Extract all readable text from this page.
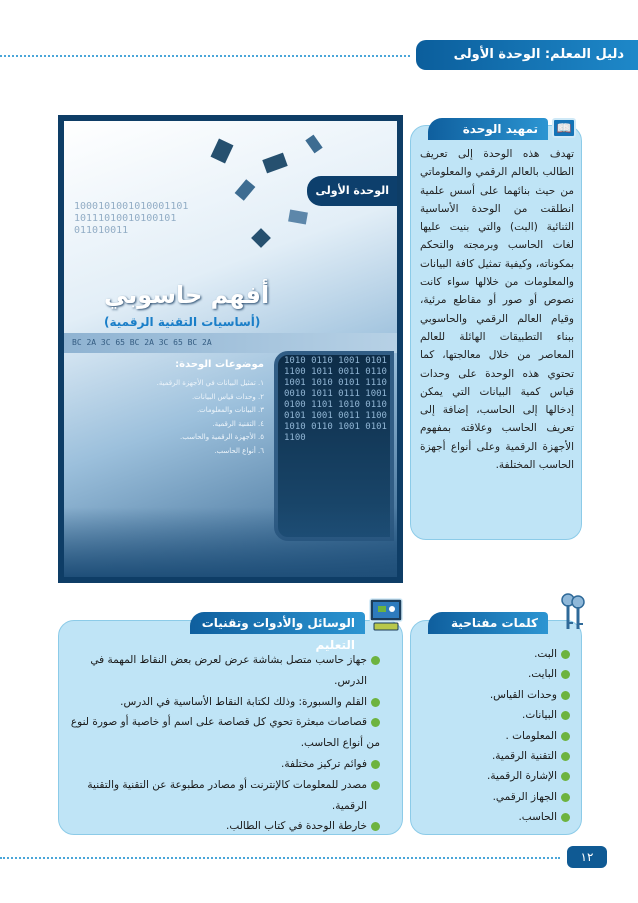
دليل المعلم: الوحدة الأولى
تمهيد الوحدة	📖

تهدف هذه الوحدة إلى تعريف الطالب بالعالم الرقمي والمعلوماتي من حيث بنائهما على أسس علمية انطلقت من الوحدة الأساسية الثنائية (البت) والتي بنيت عليها لغات الحاسب وبرمجته والتحكم بمكوناته، وكيفية تمثيل كافة البيانات والمعلومات من خلالها سواء كانت نصوص أو صور أو مقاطع مرئية، وقيام العالم الرقمي والحاسوبي ببناء التطبيقات الهائلة للعالم المعاصر من خلال معالجتها، كما تحتوي هذه الوحدة على وحدات قياس كمية البيانات التي يمكن إدخالها إلى الحاسب، إضافة إلى تعريف الحاسب وعلاقته بمفهوم الأجهزة الرقمية وعلى أنواع أجهزة الحاسب المختلفة.

الوحدة الأولى
1000101001010001101
10111010010100101
011010011
أفهم حاسوبي
(أساسيات التقنية الرقمية)
BC 2A 3C 65 BC 2A 3C 65 BC 2A
1010 0110 1001 0101 1100 1011 0011 0110 1001 1010 0101 1110 0010 1011 0111 1001 0100 1101 1010 0110 0101 1001 0011 1100 1010 0110 1001 0101 1100
موضوعات الوحدة:
١. تمثيل البيانات في الأجهزة الرقمية.
٢. وحدات قياس البيانات.
٣. البيانات والمعلومات.
٤. التقنية الرقمية.
٥. الأجهزة الرقمية والحاسب.
٦. أنواع الحاسب.
كلمات مفتاحية
البت.
البايت.
وحدات القياس.
البيانات.
المعلومات .
التقنية الرقمية.
الإشارة الرقمية.
الجهاز الرقمي.
الحاسب.
الوسائل والأدوات وتقنيات التعليم
جهاز حاسب متصل بشاشة عرض لعرض بعض النقاط المهمة في الدرس.
القلم والسبورة: وذلك لكتابة النقاط الأساسية في الدرس.
قصاصات مبعثرة تحوي كل قصاصة على اسم أو خاصية أو صورة لنوع
من أنواع الحاسب.
فوائم تركيز مختلفة.
مصدر للمعلومات كالإنترنت أو مصادر مطبوعة عن التقنية والتقنية الرقمية.
خارطة الوحدة في كتاب الطالب.
١٢
